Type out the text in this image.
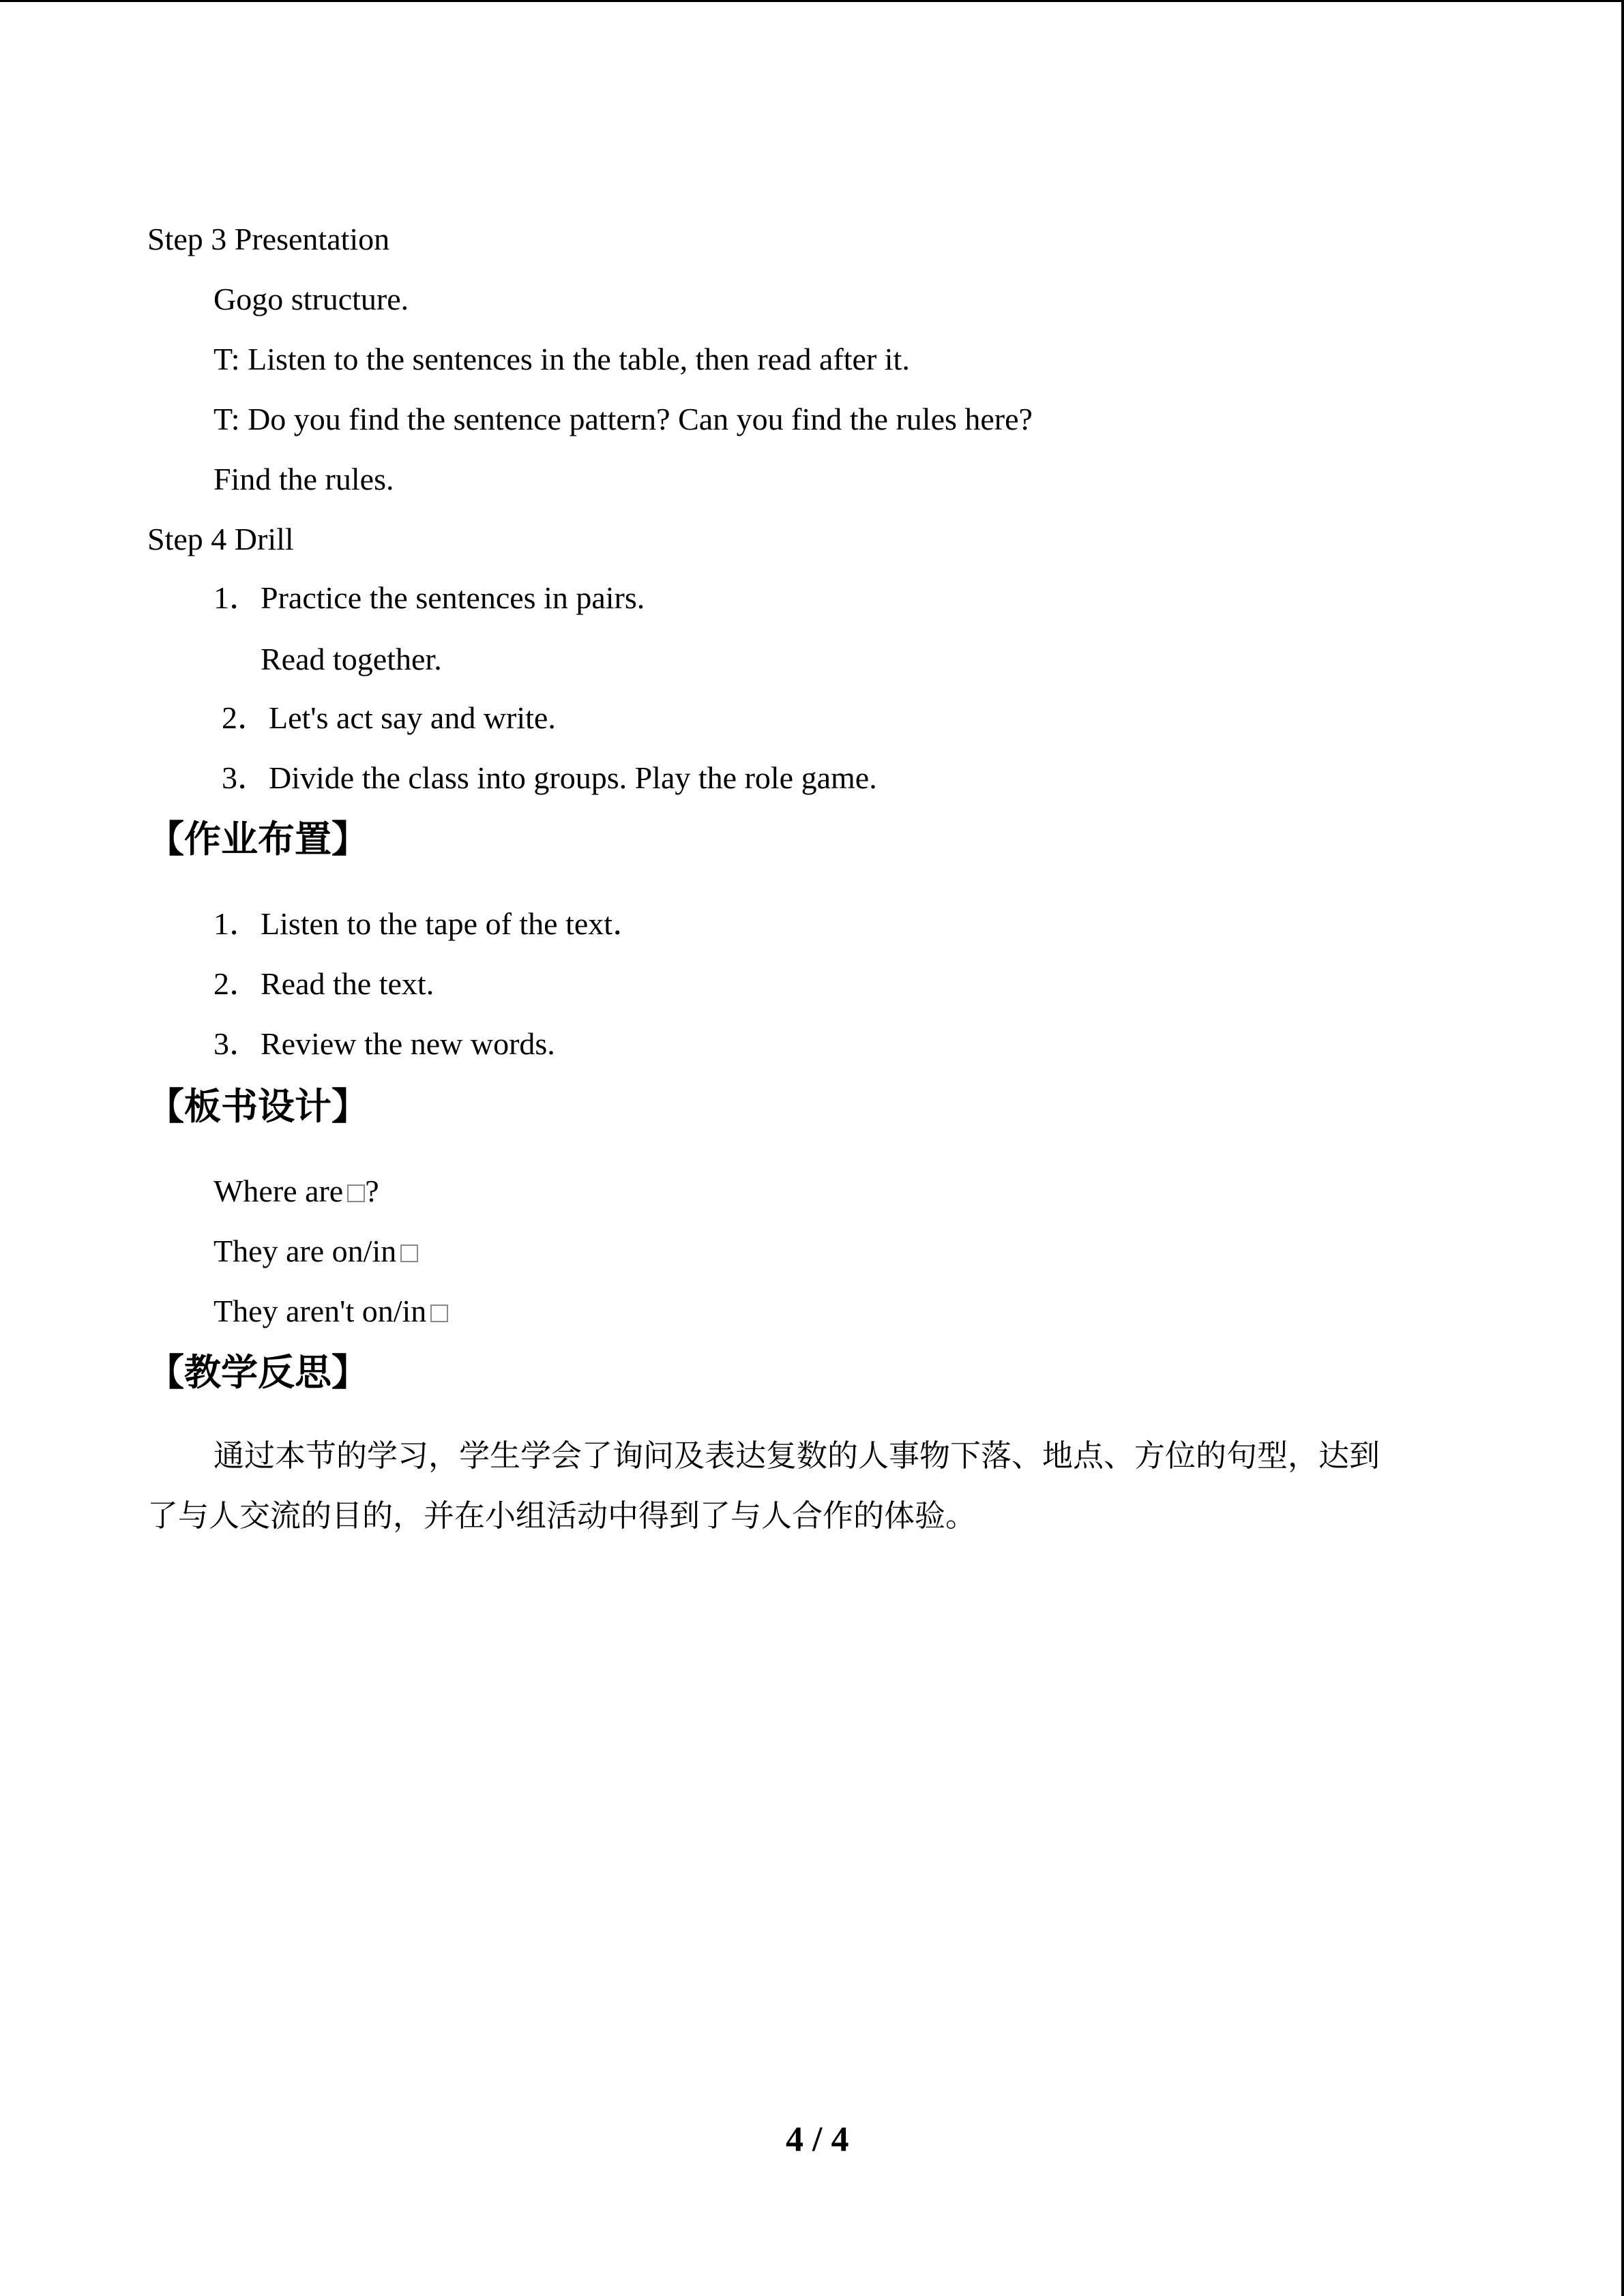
Step 3 Presentation
Gogo structure.
T: Listen to the sentences in the table, then read after it.
T: Do you find the sentence pattern? Can you find the rules here?
Find the rules.
Step 4 Drill
1．Practice the sentences in pairs.
Read together.
2．Let's act say and write.
3．Divide the class into groups. Play the role game.
【作业布置】
1．Listen to the tape of the text．
2．Read the text.
3．Review the new words.
【板书设计】
Where are ?
They are on/in
They aren't on/in
【教学反思】
通过本节的学习，学生学会了询问及表达复数的人事物下落、地点、方位的句型，达到
了与人交流的目的，并在小组活动中得到了与人合作的体验。
4 / 4
